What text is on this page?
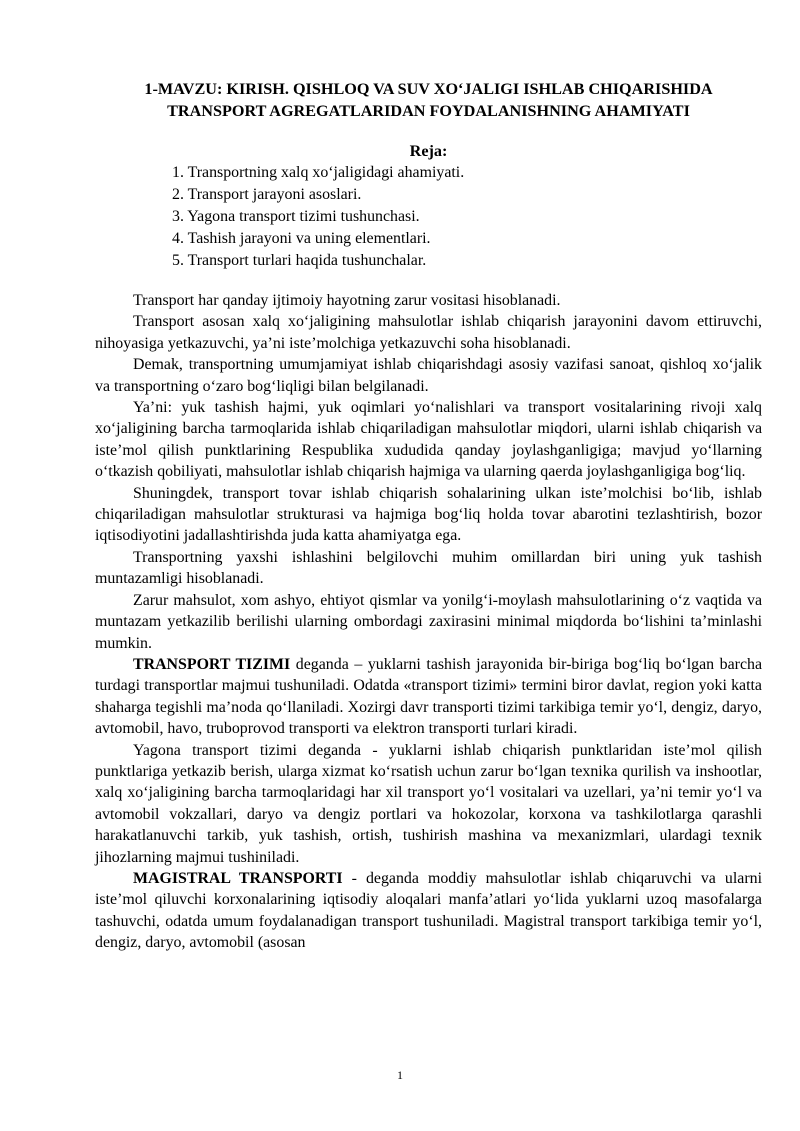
1-MAVZU: KIRISH. QISHLOQ VA SUV XOʻJALIGI ISHLAB CHIQARISHIDA TRANSPORT AGREGATLARIDAN FOYDALANISHNING AHAMIYATI
Reja:
1. Transportning xalq xoʻjaligidagi ahamiyati.
2. Transport jarayoni asoslari.
3. Yagona transport tizimi tushunchasi.
4. Tashish jarayoni va uning elementlari.
5. Transport turlari haqida tushunchalar.

Transport har qanday ijtimoiy hayotning zarur vositasi hisoblanadi.

Transport asosan xalq xoʻjaligining mahsulotlar ishlab chiqarish jarayonini davom ettiruvchi, nihoyasiga yetkazuvchi, ya’ni iste’molchiga yetkazuvchi soha hisoblanadi.

Demak, transportning umumjamiyat ishlab chiqarishdagi asosiy vazifasi sanoat, qishloq xoʻjalik va transportning oʻzaro bogʻliqligi bilan belgilanadi.

Ya’ni: yuk tashish hajmi, yuk oqimlari yoʻnalishlari va transport vositalarining rivoji xalq xoʻjaligining barcha tarmoqlarida ishlab chiqariladigan mahsulotlar miqdori, ularni ishlab chiqarish va iste’mol qilish punktlarining Respublika xududida qanday joylashganligiga; mavjud yoʻllarning oʻtkazish qobiliyati, mahsulotlar ishlab chiqarish hajmiga va ularning qaerda joylashganligiga bogʻliq.

Shuningdek, transport tovar ishlab chiqarish sohalarining ulkan iste’molchisi boʻlib, ishlab chiqariladigan mahsulotlar strukturasi va hajmiga bogʻliq holda tovar abarotini tezlashtirish, bozor iqtisodiyotini jadallashtirishda juda katta ahamiyatga ega.

Transportning yaxshi ishlashini belgilovchi muhim omillardan biri uning yuk tashish muntazamligi hisoblanadi.

Zarur mahsulot, xom ashyo, ehtiyot qismlar va yonilgʻi-moylash mahsulotlarining oʻz vaqtida va muntazam yetkazilib berilishi ularning ombordagi zaxirasini minimal miqdorda boʻlishini ta’minlashi mumkin.

TRANSPORT TIZIMI deganda – yuklarni tashish jarayonida bir-biriga bogʻliq boʻlgan barcha turdagi transportlar majmui tushuniladi. Odatda «transport tizimi» termini biror davlat, region yoki katta shaharga tegishli ma’noda qoʻllaniladi. Xozirgi davr transporti tizimi tarkibiga temir yoʻl, dengiz, daryo, avtomobil, havo, truboprovod transporti va elektron transporti turlari kiradi.

Yagona transport tizimi deganda - yuklarni ishlab chiqarish punktlaridan iste’mol qilish punktlariga yetkazib berish, ularga xizmat koʻrsatish uchun zarur boʻlgan texnika qurilish va inshootlar, xalq xoʻjaligining barcha tarmoqlaridagi har xil transport yoʻl vositalari va uzellari, ya’ni temir yoʻl va avtomobil vokzallari, daryo va dengiz portlari va hokozolar, korxona va tashkilotlarga qarashli harakatlanuvchi tarkib, yuk tashish, ortish, tushirish mashina va mexanizmlari, ulardagi texnik jihozlarning majmui tushiniladi.

MAGISTRAL TRANSPORTI - deganda moddiy mahsulotlar ishlab chiqaruvchi va ularni iste’mol qiluvchi korxonalarining iqtisodiy aloqalari manfa’atlari yoʻlida yuklarni uzoq masofalarga tashuvchi, odatda umum foydalanadigan transport tushuniladi. Magistral transport tarkibiga temir yoʻl, dengiz, daryo, avtomobil (asosan

1
